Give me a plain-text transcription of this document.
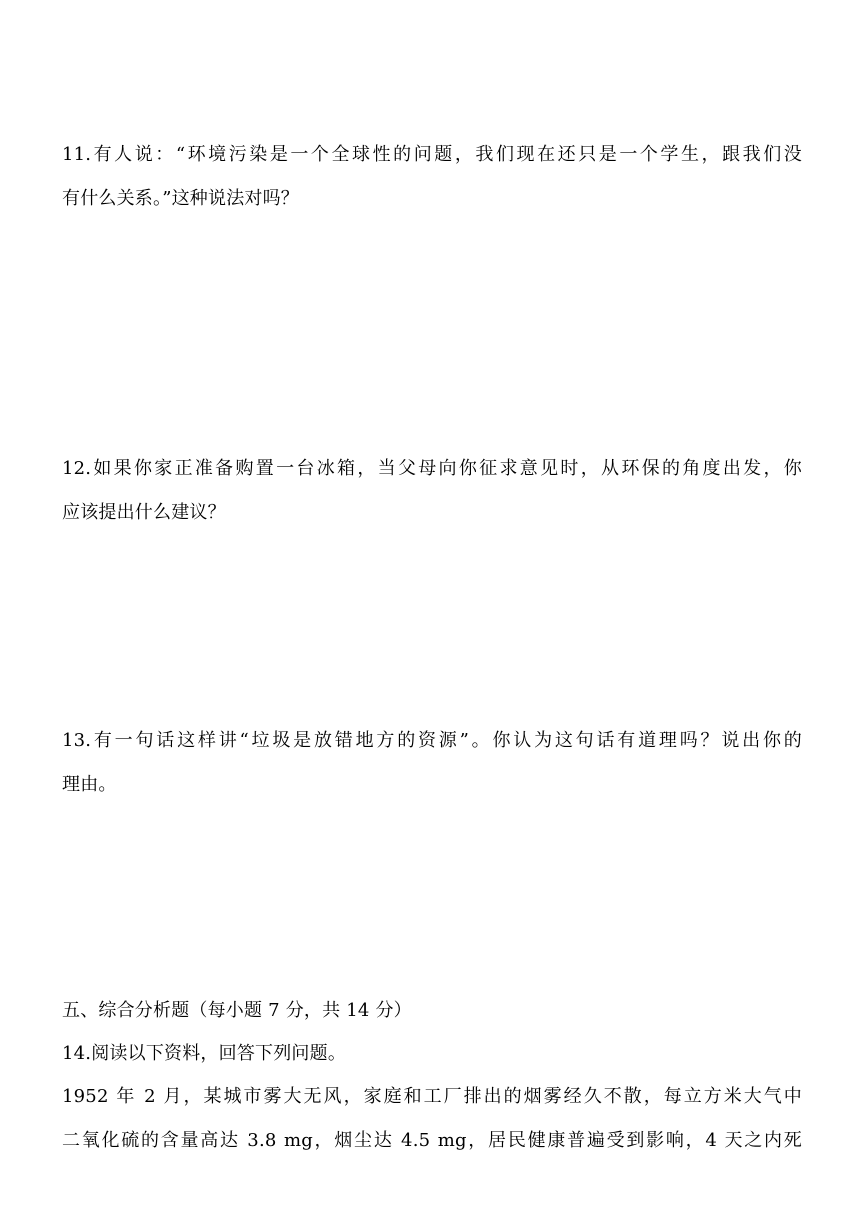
11.有人说：“环境污染是一个全球性的问题，我们现在还只是一个学生，跟我们没
有什么关系。”这种说法对吗？
12.如果你家正准备购置一台冰箱，当父母向你征求意见时，从环保的角度出发，你
应该提出什么建议？
13.有一句话这样讲“垃圾是放错地方的资源”。你认为这句话有道理吗？说出你的
理由。
五、综合分析题（每小题 7 分，共 14 分）
14.阅读以下资料，回答下列问题。
1952 年 2 月，某城市雾大无风，家庭和工厂排出的烟雾经久不散，每立方米大气中
二氧化硫的含量高达 3.8 mg，烟尘达 4.5 mg，居民健康普遍受到影响，4 天之内死
